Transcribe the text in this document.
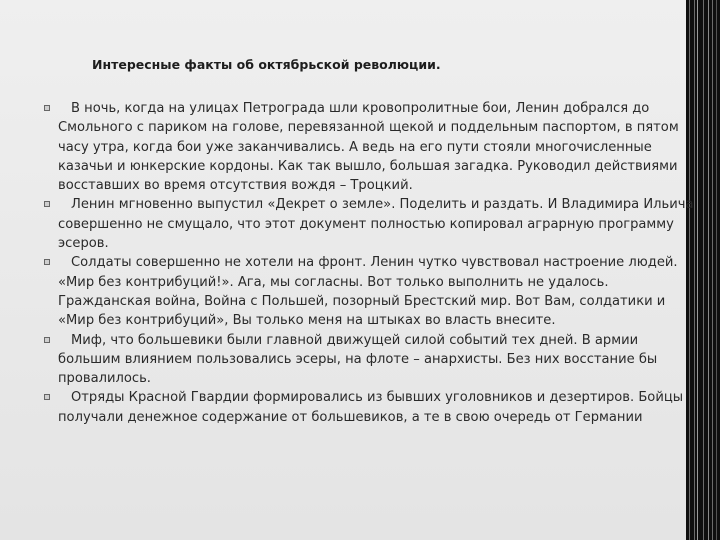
Интересные факты об октябрьской революции.
В ночь, когда на улицах Петрограда шли кровопролитные бои, Ленин добрался до Смольного с париком на голове, перевязанной щекой и поддельным паспортом, в пятом часу утра, когда бои уже заканчивались. А ведь на его пути стояли многочисленные казачьи и юнкерские кордоны. Как так вышло, большая загадка. Руководил действиями восставших во время отсутствия вождя – Троцкий.
Ленин мгновенно выпустил «Декрет о земле». Поделить и раздать. И Владимира Ильича совершенно не смущало, что этот документ полностью копировал аграрную программу эсеров.
Солдаты совершенно не хотели на фронт. Ленин чутко чувствовал настроение людей. «Мир без контрибуций!». Ага, мы согласны. Вот только выполнить не удалось. Гражданская война, Война с Польшей, позорный Брестский мир. Вот Вам, солдатики и «Мир без контрибуций», Вы только меня на штыках во власть внесите.
Миф, что большевики были главной движущей силой событий тех дней. В армии большим влиянием пользовались эсеры, на флоте – анархисты. Без них восстание бы провалилось.
Отряды Красной Гвардии формировались из бывших уголовников и дезертиров. Бойцы получали денежное содержание от большевиков, а те в свою очередь от Германии
